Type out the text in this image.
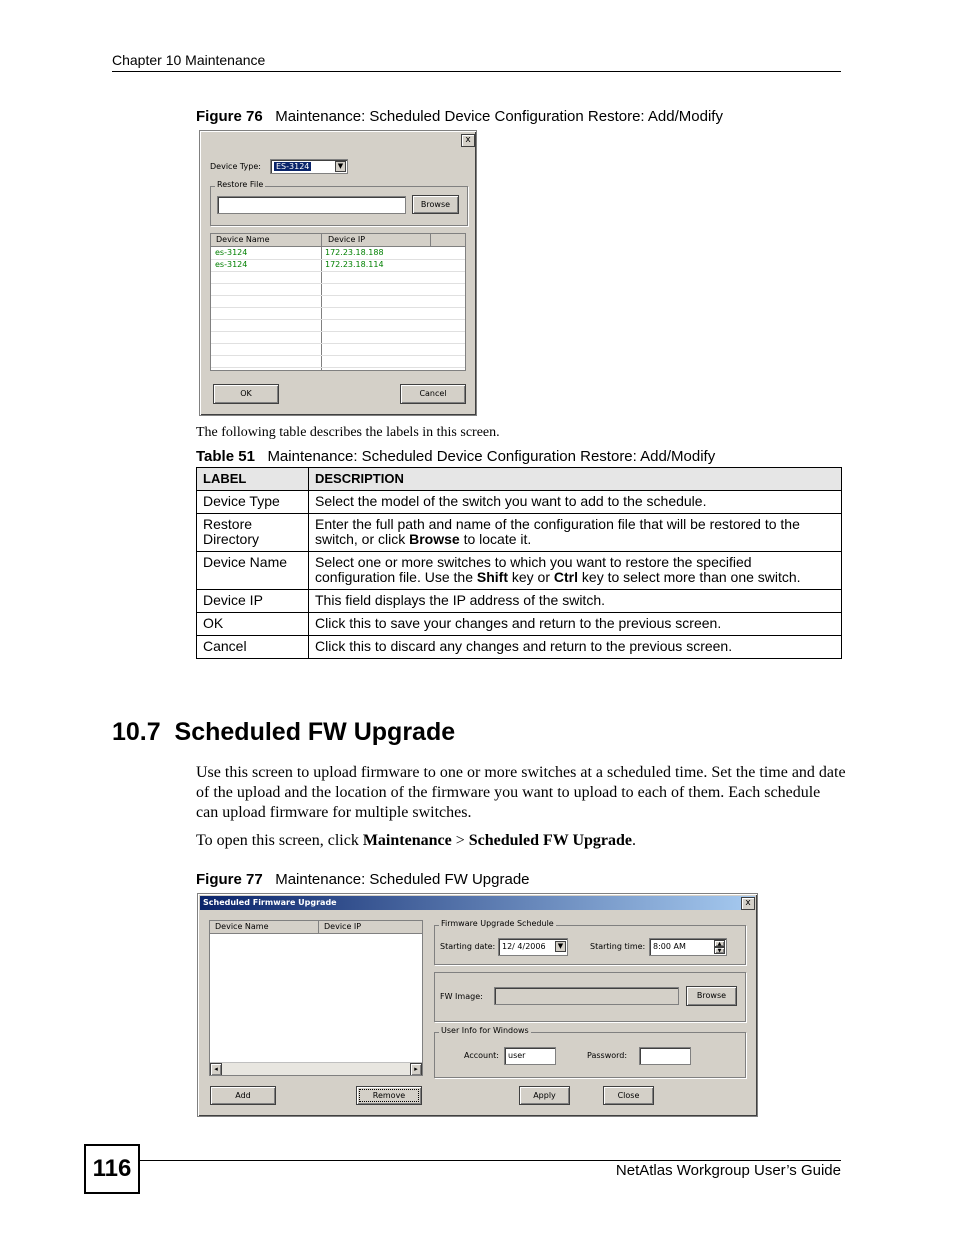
Chapter 10 Maintenance
Figure 76 Maintenance: Scheduled Device Configuration Restore: Add/Modify
x
Device Type:	ES-3124	▼
Restore File
Browse
Device Name	Device IP
es-3124	172.23.18.188
es-3124	172.23.18.114
OK	Cancel
The following table describes the labels in this screen.
Table 51 Maintenance: Scheduled Device Configuration Restore: Add/Modify
LABEL	DESCRIPTION
Device Type	Select the model of the switch you want to add to the schedule.
Restore Directory	Enter the full path and name of the configuration file that will be restored to the switch, or click Browse to locate it.
Device Name	Select one or more switches to which you want to restore the specified configuration file. Use the Shift key or Ctrl key to select more than one switch.
Device IP	This field displays the IP address of the switch.
OK	Click this to save your changes and return to the previous screen.
Cancel	Click this to discard any changes and return to the previous screen.
10.7  Scheduled FW Upgrade
Use this screen to upload firmware to one or more switches at a scheduled time. Set the time and date of the upload and the location of the firmware you want to upload to each of them. Each schedule can upload firmware for multiple switches.
To open this screen, click Maintenance > Scheduled FW Upgrade.
Figure 77 Maintenance: Scheduled FW Upgrade
Scheduled Firmware Upgrade	x
Device Name	Device IP
◂	▸
Firmware Upgrade Schedule
Starting date: 12/ 4/2006	▼	Starting time: 8:00 AM	▲
▼
FW Image:	Browse
User Info for Windows
Account:	user	Password:
Add	Remove	Apply	Close
116	NetAtlas Workgroup User’s Guide
